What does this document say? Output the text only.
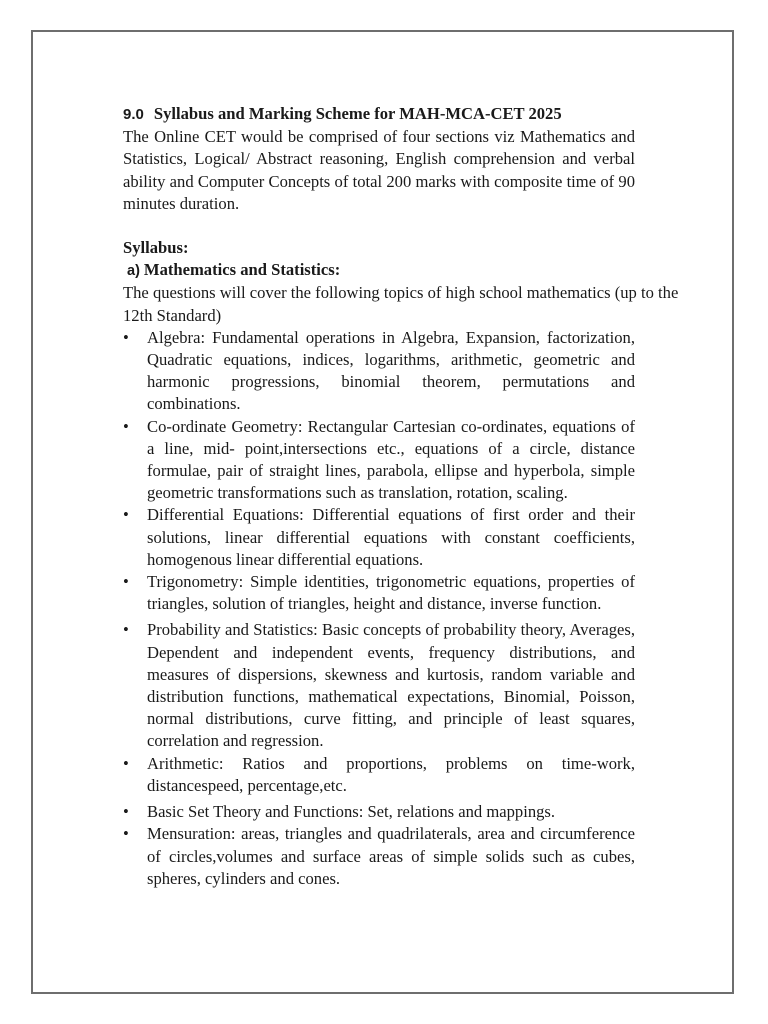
9.0 Syllabus and Marking Scheme for MAH-MCA-CET 2025

The Online CET would be comprised of four sections viz Mathematics and Statistics, Logical/ Abstract reasoning, English comprehension and verbal ability and Computer Concepts of total 200 marks with composite time of 90 minutes duration.

Syllabus:

a) Mathematics and Statistics:

The questions will cover the following topics of high school mathematics (up to the 12th Standard)

• Algebra: Fundamental operations in Algebra, Expansion, factorization, Quadratic equations, indices, logarithms, arithmetic, geometric and harmonic progressions, binomial theorem, permutations and combinations.
• Co-ordinate Geometry: Rectangular Cartesian co-ordinates, equations of a line, mid- point,intersections etc., equations of a circle, distance formulae, pair of straight lines, parabola, ellipse and hyperbola, simple geometric transformations such as translation, rotation, scaling.
• Differential Equations: Differential equations of first order and their solutions, linear differential equations with constant coefficients, homogenous linear differential equations.
• Trigonometry: Simple identities, trigonometric equations, properties of triangles, solution of triangles, height and distance, inverse function.
• Probability and Statistics: Basic concepts of probability theory, Averages, Dependent and independent events, frequency distributions, and measures of dispersions, skewness and kurtosis, random variable and distribution functions, mathematical expectations, Binomial, Poisson, normal distributions, curve fitting, and principle of least squares, correlation and regression.
• Arithmetic: Ratios and proportions, problems on time-work, distancespeed, percentage,etc.
• Basic Set Theory and Functions: Set, relations and mappings.
• Mensuration: areas, triangles and quadrilaterals, area and circumference of circles,volumes and surface areas of simple solids such as cubes, spheres, cylinders and cones.
